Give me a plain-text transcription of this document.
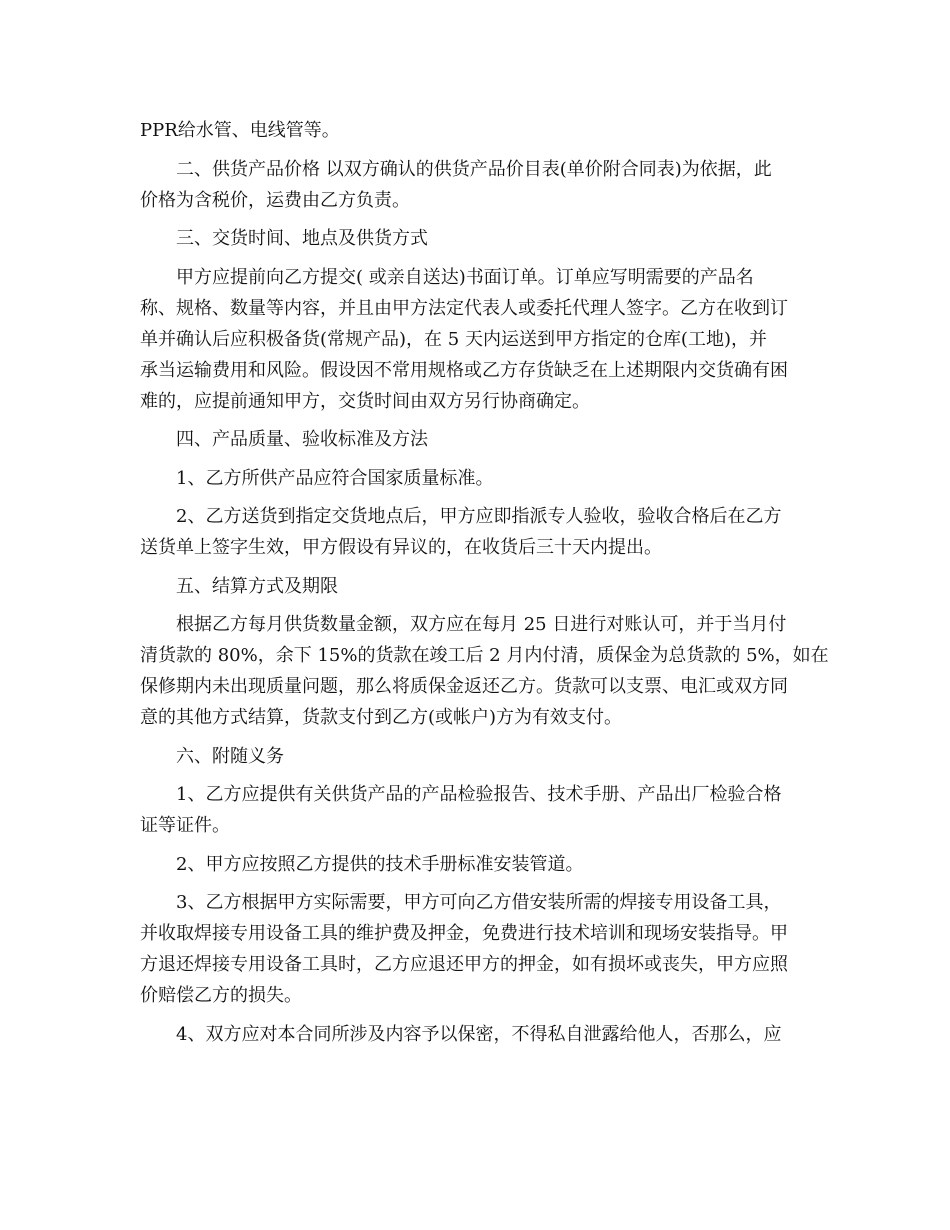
PPR给水管、电线管等。
二、供货产品价格 以双方确认的供货产品价目表(单价附合同表)为依据，此
价格为含税价，运费由乙方负责。
三、交货时间、地点及供货方式
甲方应提前向乙方提交( 或亲自送达)书面订单。订单应写明需要的产品名
称、规格、数量等内容，并且由甲方法定代表人或委托代理人签字。乙方在收到订
单并确认后应积极备货(常规产品)，在 5 天内运送到甲方指定的仓库(工地)，并
承当运输费用和风险。假设因不常用规格或乙方存货缺乏在上述期限内交货确有困
难的，应提前通知甲方，交货时间由双方另行协商确定。
四、产品质量、验收标准及方法
1、乙方所供产品应符合国家质量标准。
2、乙方送货到指定交货地点后，甲方应即指派专人验收，验收合格后在乙方
送货单上签字生效，甲方假设有异议的，在收货后三十天内提出。
五、结算方式及期限
根据乙方每月供货数量金额，双方应在每月 25 日进行对账认可，并于当月付
清货款的 80%，余下 15%的货款在竣工后 2 月内付清，质保金为总货款的 5%，如在
保修期内未出现质量问题，那么将质保金返还乙方。货款可以支票、电汇或双方同
意的其他方式结算，货款支付到乙方(或帐户)方为有效支付。
六、附随义务
1、乙方应提供有关供货产品的产品检验报告、技术手册、产品出厂检验合格
证等证件。
2、甲方应按照乙方提供的技术手册标准安装管道。
3、乙方根据甲方实际需要，甲方可向乙方借安装所需的焊接专用设备工具，
并收取焊接专用设备工具的维护费及押金，免费进行技术培训和现场安装指导。甲
方退还焊接专用设备工具时，乙方应退还甲方的押金，如有损坏或丧失，甲方应照
价赔偿乙方的损失。
4、双方应对本合同所涉及内容予以保密，不得私自泄露给他人，否那么，应
